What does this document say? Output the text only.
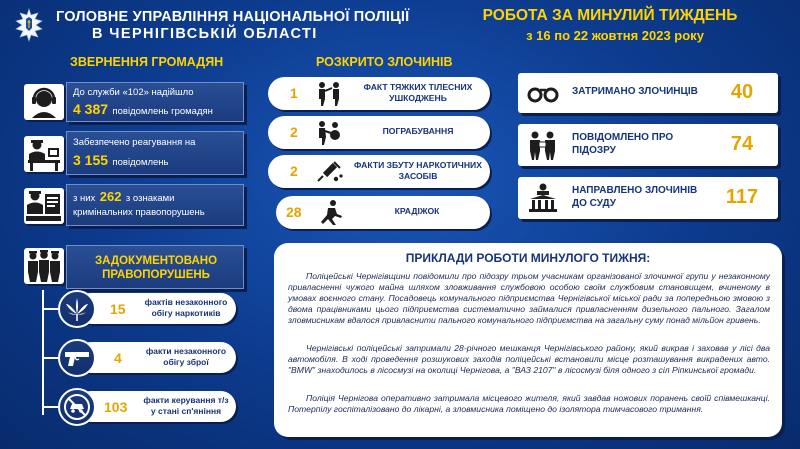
ГОЛОВНЕ УПРАВЛІННЯ НАЦІОНАЛЬНОЇ ПОЛІЦІЇ
В ЧЕРНІГІВСЬКІЙ ОБЛАСТІ
РОБОТА ЗА МИНУЛИЙ ТИЖДЕНЬ
з 16 по 22 жовтня 2023 року
ЗВЕРНЕННЯ ГРОМАДЯН
До служби «102» надійшло
4 387 повідомлень громадян
Забезпечено реагування на
3 155 повідомлень
з них 262 з ознаками
кримінальних правопорушень
РОЗКРИТО ЗЛОЧИНІВ
1	ФАКТ ТЯЖКИХ ТІЛЕСНИХ УШКОДЖЕНЬ
2	ПОГРАБУВАННЯ
2	ФАКТИ ЗБУТУ НАРКОТИЧНИХ ЗАСОБІВ
28	КРАДІЖОК
ЗАТРИМАНО ЗЛОЧИНЦІВ	40
ПОВІДОМЛЕНО ПРО ПІДОЗРУ	74
НАПРАВЛЕНО ЗЛОЧИНІВ ДО СУДУ	117
ЗАДОКУМЕНТОВАНО ПРАВОПОРУШЕНЬ
15	фактів незаконного обігу наркотиків
4	факти незаконного обігу зброї
103	факти керування т/з у стані сп'яніння
ПРИКЛАДИ РОБОТИ МИНУЛОГО ТИЖНЯ:
Поліцейські Чернігівщини повідомили про підозру трьом учасникам організованої злочинної групи у незаконному привласненні чужого майна шляхом зловживання службовою особою своїм службовим становищем, вчиненому в умовах воєнного стану. Посадовець комунального підприємства Чернігівської міської ради за попередньою змовою з двома працівниками цього підприємства систематично займалися привласненням дизельного пального. Загалом зловмисникам вдалося привласнити пального комунального підприємства на загальну суму понад мільйон гривень.
Чернігівські поліцейські затримали 28-річного мешканця Чернігівського району, який викрав і заховав у лісі два автомобіля. В ході проведення розшукових заходів поліцейські встановили місце розташування викрадених авто. "BMW" знаходилось в лісосмузі на околиці Чернігова, а "ВАЗ 2107" в лісосмузі біля одного з сіл Ріпкинської громади.
Поліція Чернігова оперативно затримала місцевого жителя, який завдав ножових поранень своїй співмешканці. Потерпілу госпіталізовано до лікарні, а зловмисника поміщено до ізолятора тимчасового тримання.
